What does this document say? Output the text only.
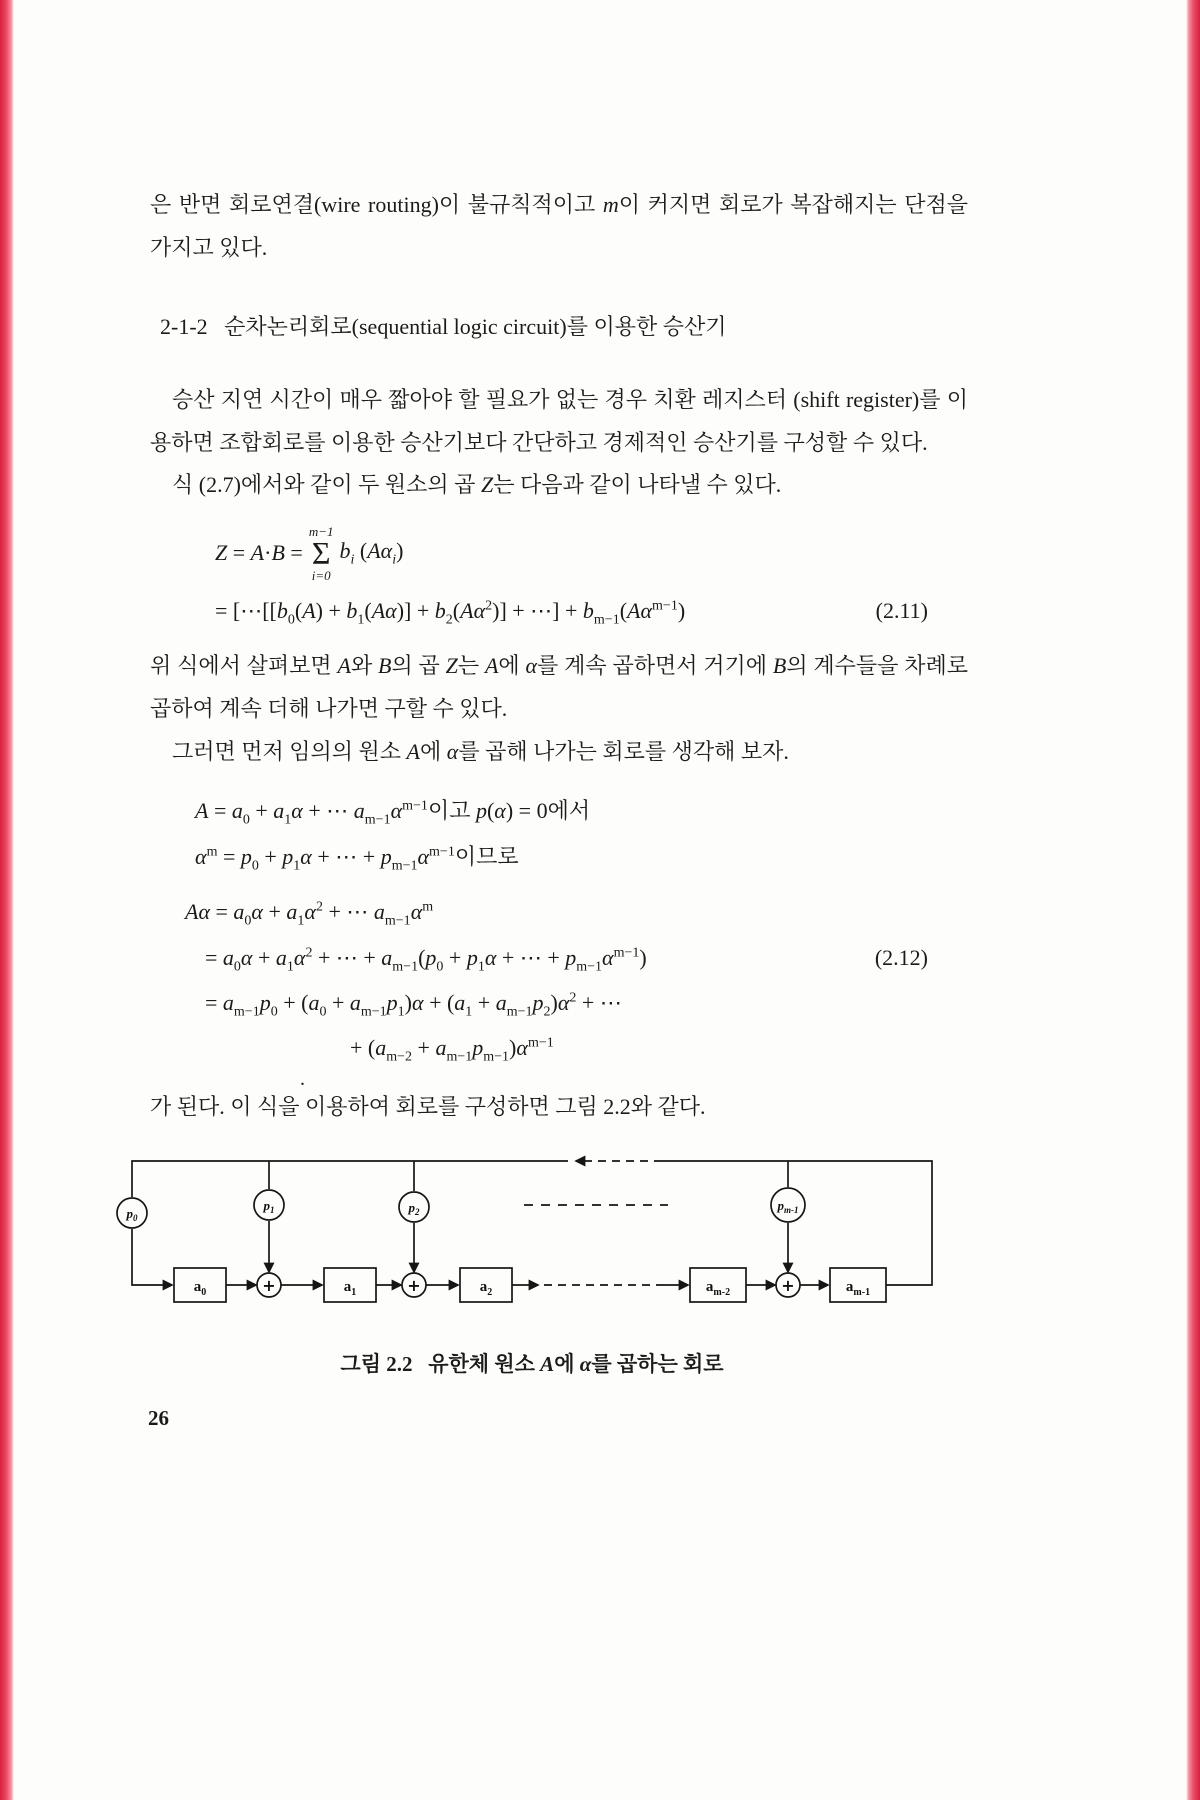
은 반면 회로연결(wire routing)이 불규칙적이고 m이 커지면 회로가 복잡해지는 단점을 가지고 있다.

2-1-2   순차논리회로(sequential logic circuit)를 이용한 승산기

승산 지연 시간이 매우 짧아야 할 필요가 없는 경우 치환 레지스터 (shift register)를 이용하면 조합회로를 이용한 승산기보다 간단하고 경제적인 승산기를 구성할 수 있다.

식 (2.7)에서와 같이 두 원소의 곱 Z는 다음과 같이 나타낼 수 있다.

Z = A·B =
m−1
Σ
i=0
$b_i$ $(A\alpha_i)$
= [$\cdots[[b_0(A) + b_1(A\alpha)] + b_2(A\alpha^2)]$ + ⋯] + $b_{m-1}(A\alpha^{m-1})$	(2.11)

위 식에서 살펴보면 A와 B의 곱 Z는 A에 α를 계속 곱하면서 거기에 B의 계수들을 차례로 곱하여 계속 더해 나가면 구할 수 있다.

그러면 먼저 임의의 원소 A에 α를 곱해 나가는 회로를 생각해 보자.

$A = a_0 + a_1\alpha$ + ⋯ $a_{m-1}\alpha^{m-1}$이고 p(α) = 0에서
$\alpha^m = p_0 + p_1\alpha$ + ⋯ + $p_{m-1}\alpha^{m-1}$이므로
$A\alpha = a_0\alpha + a_1\alpha^2$ + ⋯ $a_{m-1}\alpha^m$
= $a_0\alpha + a_1\alpha^2$ + ⋯ + $a_{m-1}(p_0 + p_1\alpha$ + ⋯ + $p_{m-1}\alpha^{m-1}$)	(2.12)
= $a_{m-1}p_0 + (a_0 + a_{m-1}p_1)\alpha + (a_1 + a_{m-1}p_2)\alpha^2$ + ⋯
+ $(a_{m-2} + a_{m-1}p_{m-1})\alpha^{m-1}$
.

가 된다. 이 식을 이용하여 회로를 구성하면 그림 2.2와 같다.

$p_0$
$p_1$	$p_2$	$p_{m-1}$
+	+	+
$a_0$	$a_1$	$a_2$	$a_{m-2}$	$a_{m-1}$
그림 2.2   유한체 원소 A에 α를 곱하는 회로
26
